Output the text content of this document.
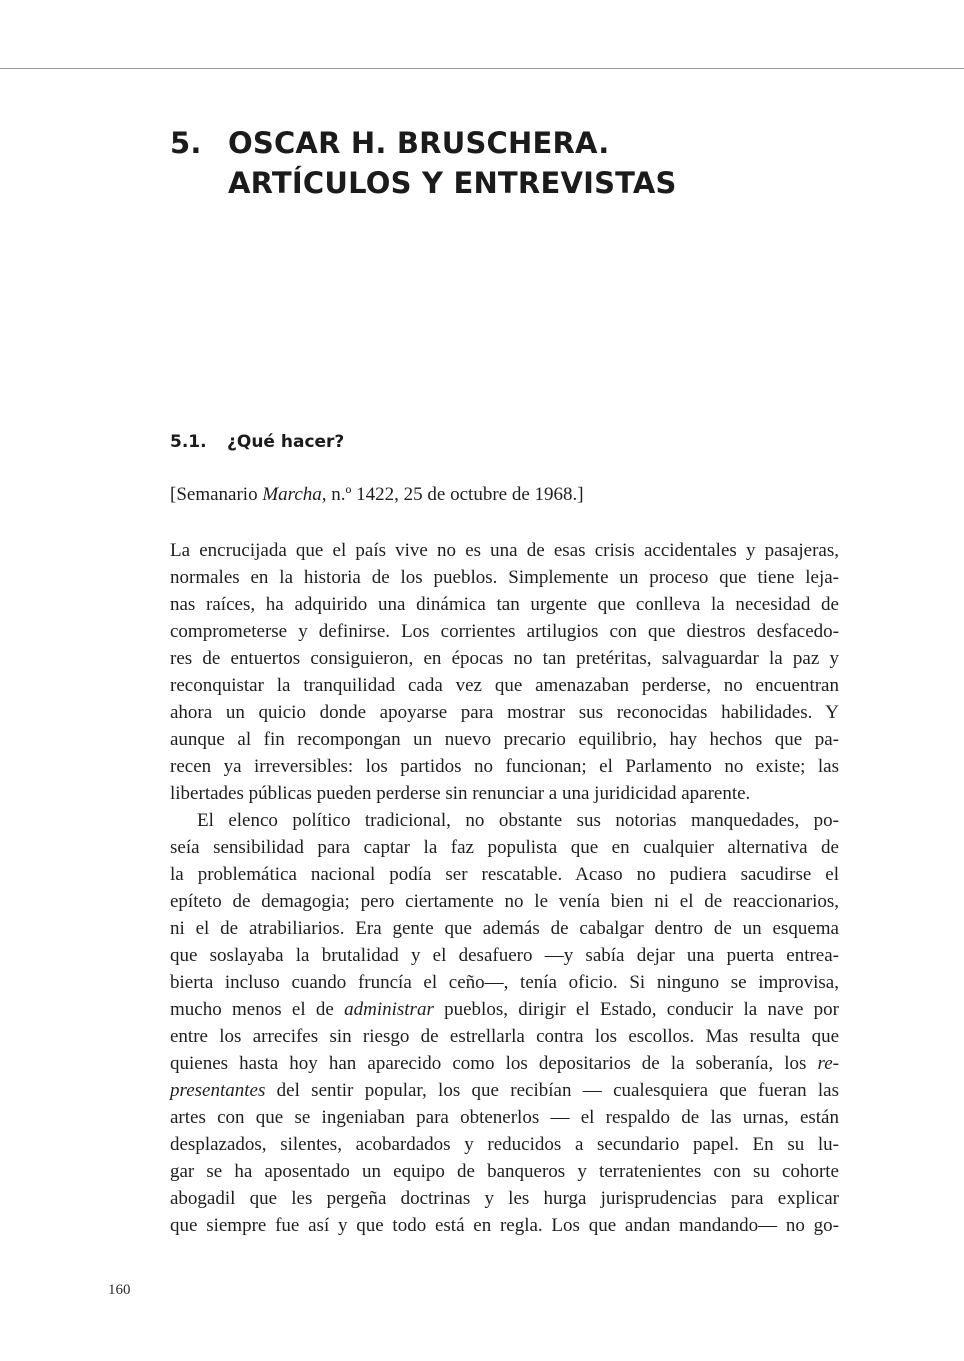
5. OSCAR H. BRUSCHERA.
ARTÍCULOS Y ENTREVISTAS
5.1.	¿Qué hacer?
[Semanario Marcha, n.º 1422, 25 de octubre de 1968.]
La encrucijada que el país vive no es una de esas crisis accidentales y pasajeras,
normales en la historia de los pueblos. Simplemente un proceso que tiene leja-
nas raíces, ha adquirido una dinámica tan urgente que conlleva la necesidad de
comprometerse y definirse. Los corrientes artilugios con que diestros desfacedo-
res de entuertos consiguieron, en épocas no tan pretéritas, salvaguardar la paz y
reconquistar la tranquilidad cada vez que amenazaban perderse, no encuentran
ahora un quicio donde apoyarse para mostrar sus reconocidas habilidades. Y
aunque al fin recompongan un nuevo precario equilibrio, hay hechos que pa-
recen ya irreversibles: los partidos no funcionan; el Parlamento no existe; las
libertades públicas pueden perderse sin renunciar a una juridicidad aparente.
El elenco político tradicional, no obstante sus notorias manquedades, po-
seía sensibilidad para captar la faz populista que en cualquier alternativa de
la problemática nacional podía ser rescatable. Acaso no pudiera sacudirse el
epíteto de demagogia; pero ciertamente no le venía bien ni el de reaccionarios,
ni el de atrabiliarios. Era gente que además de cabalgar dentro de un esquema
que soslayaba la brutalidad y el desafuero —y sabía dejar una puerta entrea-
bierta incluso cuando fruncía el ceño—, tenía oficio. Si ninguno se improvisa,
mucho menos el de administrar pueblos, dirigir el Estado, conducir la nave por
entre los arrecifes sin riesgo de estrellarla contra los escollos. Mas resulta que
quienes hasta hoy han aparecido como los depositarios de la soberanía, los re-
presentantes del sentir popular, los que recibían — cualesquiera que fueran las
artes con que se ingeniaban para obtenerlos — el respaldo de las urnas, están
desplazados, silentes, acobardados y reducidos a secundario papel. En su lu-
gar se ha aposentado un equipo de banqueros y terratenientes con su cohorte
abogadil que les pergeña doctrinas y les hurga jurisprudencias para explicar
que siempre fue así y que todo está en regla. Los que andan mandando— no go-
160
